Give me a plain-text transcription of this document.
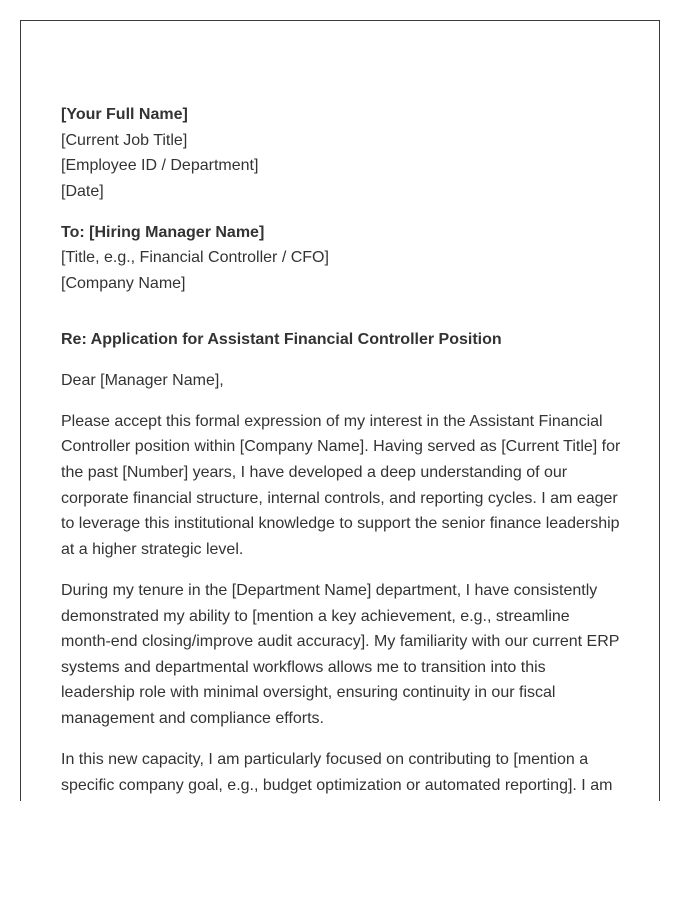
[Your Full Name]
[Current Job Title]
[Employee ID / Department]
[Date]
To: [Hiring Manager Name]
[Title, e.g., Financial Controller / CFO]
[Company Name]
Re: Application for Assistant Financial Controller Position
Dear [Manager Name],

Please accept this formal expression of my interest in the Assistant Financial
Controller position within [Company Name]. Having served as [Current Title] for
the past [Number] years, I have developed a deep understanding of our
corporate financial structure, internal controls, and reporting cycles. I am eager
to leverage this institutional knowledge to support the senior finance leadership
at a higher strategic level.

During my tenure in the [Department Name] department, I have consistently
demonstrated my ability to [mention a key achievement, e.g., streamline
month-end closing/improve audit accuracy]. My familiarity with our current ERP
systems and departmental workflows allows me to transition into this
leadership role with minimal oversight, ensuring continuity in our fiscal
management and compliance efforts.

In this new capacity, I am particularly focused on contributing to [mention a
specific company goal, e.g., budget optimization or automated reporting]. I am
